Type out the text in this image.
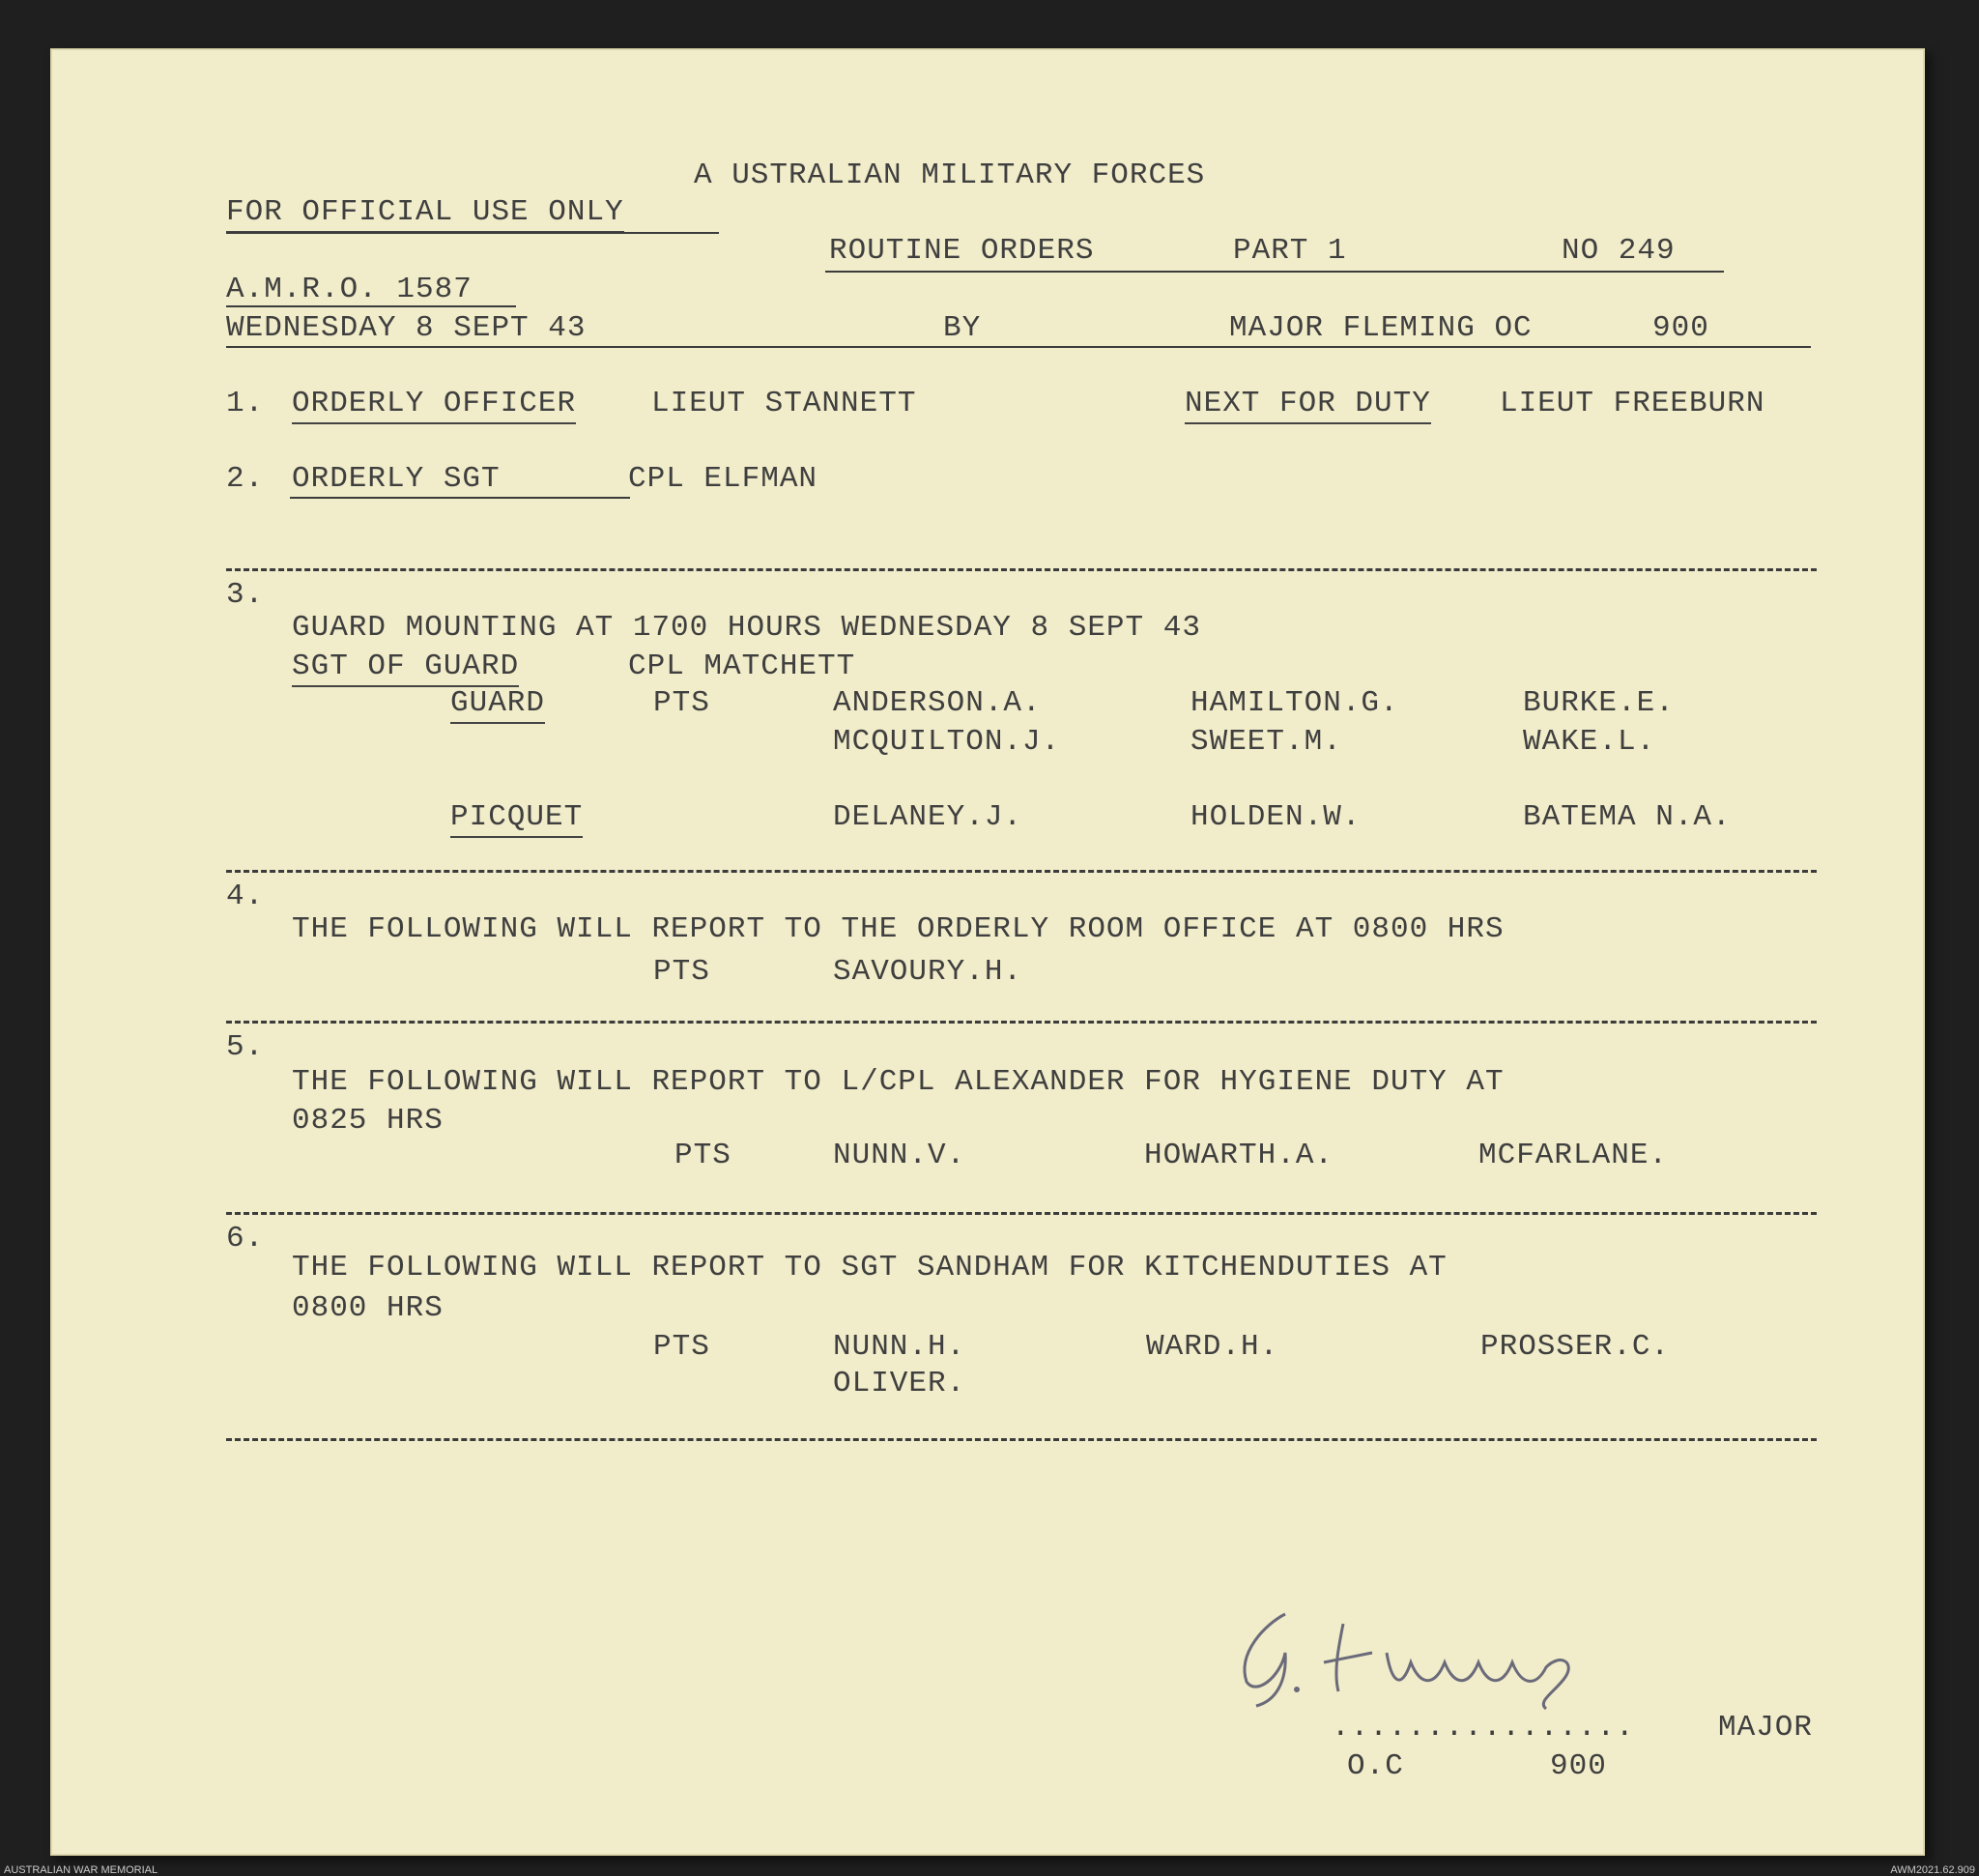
A USTRALIAN MILITARY FORCES
FOR OFFICIAL USE ONLY
ROUTINE ORDERS	PART 1	NO 249
A.M.R.O. 1587
WEDNESDAY 8 SEPT 43	BY	MAJOR FLEMING OC	900
1. ORDERLY OFFICER	LIEUT STANNETT	NEXT FOR DUTY LIEUT FREEBURN
2. ORDERLY SGT	CPL ELFMAN
3.
GUARD MOUNTING AT 1700 HOURS WEDNESDAY 8 SEPT 43
SGT OF GUARD	CPL MATCHETT
GUARD	PTS	ANDERSON.A.	HAMILTON.G.	BURKE.E.
MCQUILTON.J.	SWEET.M.	WAKE.L.
PICQUET	DELANEY.J.	HOLDEN.W.	BATEMA N.A.
4.
THE FOLLOWING WILL REPORT TO THE ORDERLY ROOM OFFICE AT 0800 HRS
PTS	SAVOURY.H.
5.
THE FOLLOWING WILL REPORT TO L/CPL ALEXANDER FOR HYGIENE DUTY AT
0825 HRS
PTS	NUNN.V.	HOWARTH.A.	MCFARLANE.
6.
THE FOLLOWING WILL REPORT TO SGT SANDHAM FOR KITCHENDUTIES AT
0800 HRS
PTS	NUNN.H.	WARD.H.	PROSSER.C.
OLIVER.
................	MAJOR
O.C	900
AUSTRALIAN WAR MEMORIAL	AWM2021.62.909
